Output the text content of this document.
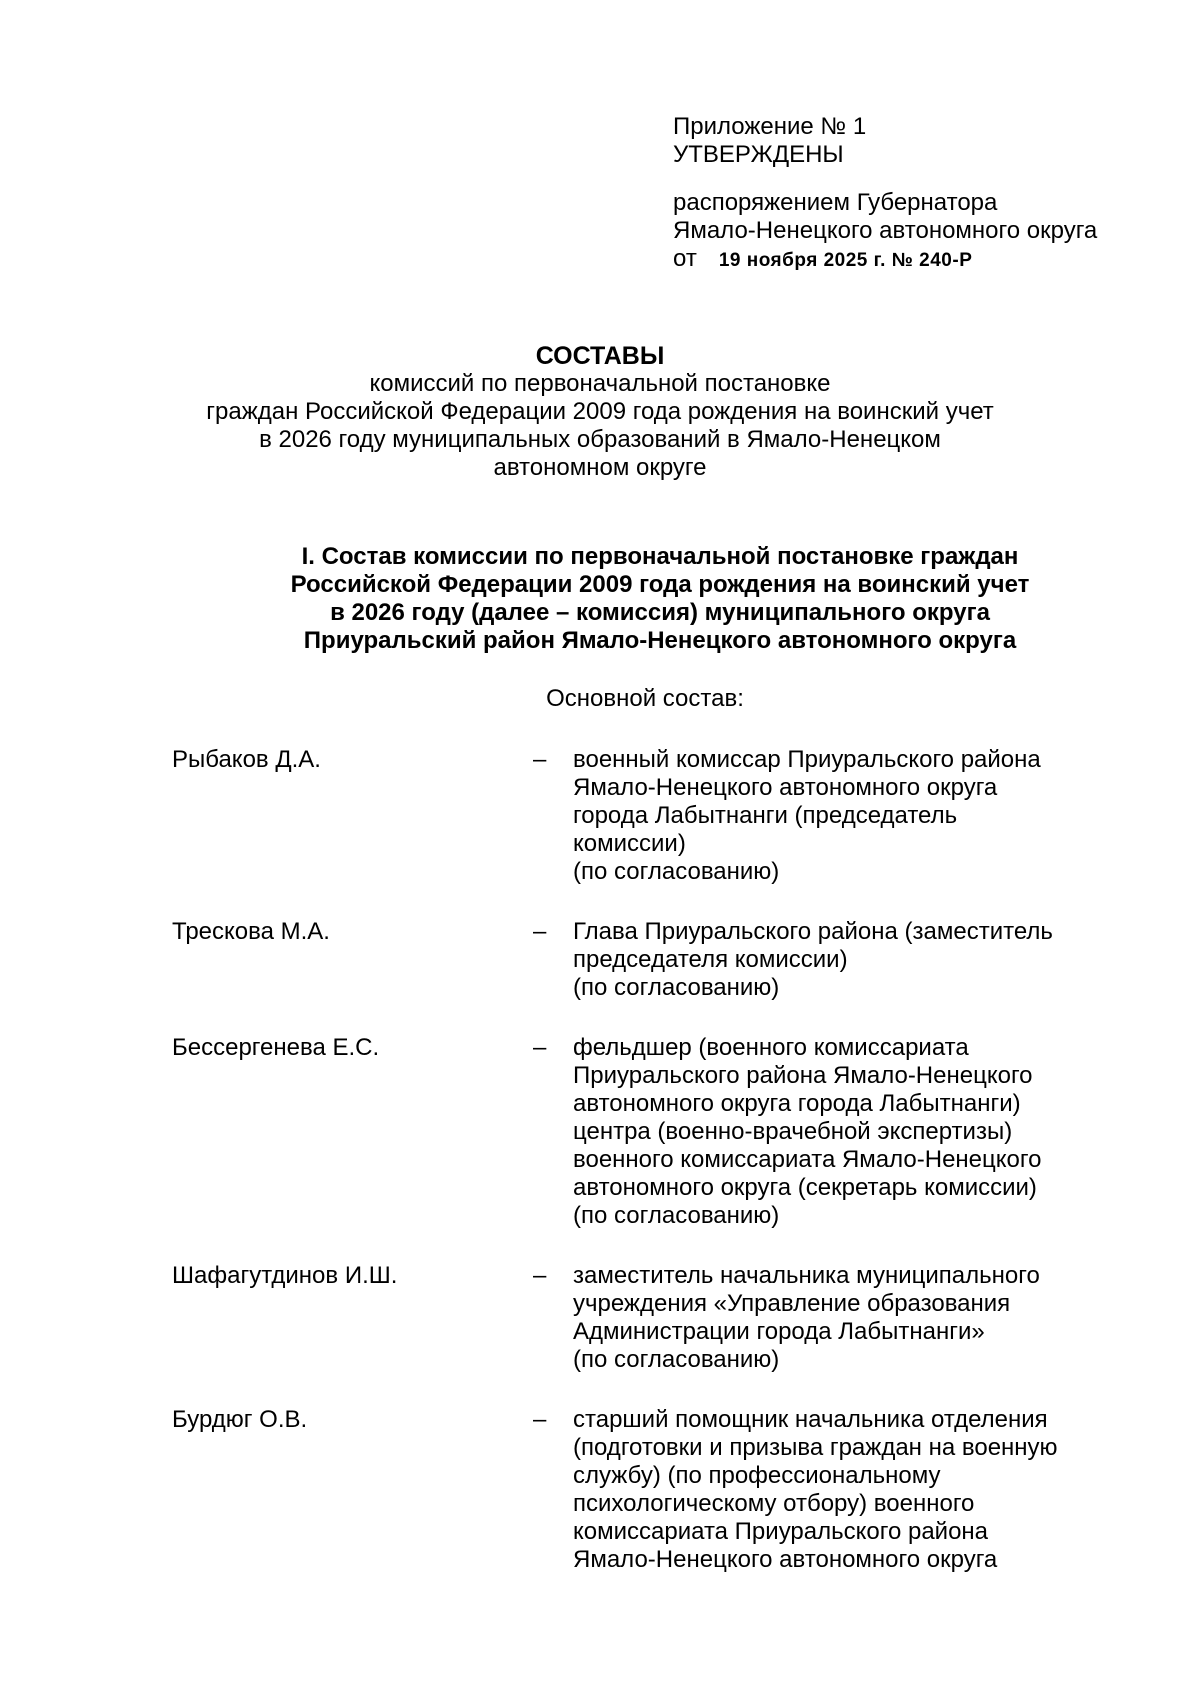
Приложение № 1
УТВЕРЖДЕНЫ
распоряжением Губернатора
Ямало-Ненецкого автономного округа
от 19 ноября 2025 г. № 240-Р
СОСТАВЫ
комиссий по первоначальной постановке
граждан Российской Федерации 2009 года рождения на воинский учет
в 2026 году муниципальных образований в Ямало-Ненецком
автономном округе
I. Состав комиссии по первоначальной постановке граждан
Российской Федерации 2009 года рождения на воинский учет
в 2026 году (далее – комиссия) муниципального округа
Приуральский район Ямало-Ненецкого автономного округа
Основной состав:
Рыбаков Д.А.	– военный комиссар Приуральского района
Ямало-Ненецкого автономного округа
города Лабытнанги (председатель
комиссии)
(по согласованию)
Трескова М.А.	– Глава Приуральского района (заместитель
председателя комиссии)
(по согласованию)
Бессергенева Е.С.	– фельдшер (военного комиссариата
Приуральского района Ямало-Ненецкого
автономного округа города Лабытнанги)
центра (военно-врачебной экспертизы)
военного комиссариата Ямало-Ненецкого
автономного округа (секретарь комиссии)
(по согласованию)
Шафагутдинов И.Ш.	– заместитель начальника муниципального
учреждения «Управление образования
Администрации города Лабытнанги»
(по согласованию)
Бурдюг О.В.	– старший помощник начальника отделения
(подготовки и призыва граждан на военную
службу) (по профессиональному
психологическому отбору) военного
комиссариата Приуральского района
Ямало-Ненецкого автономного округа
